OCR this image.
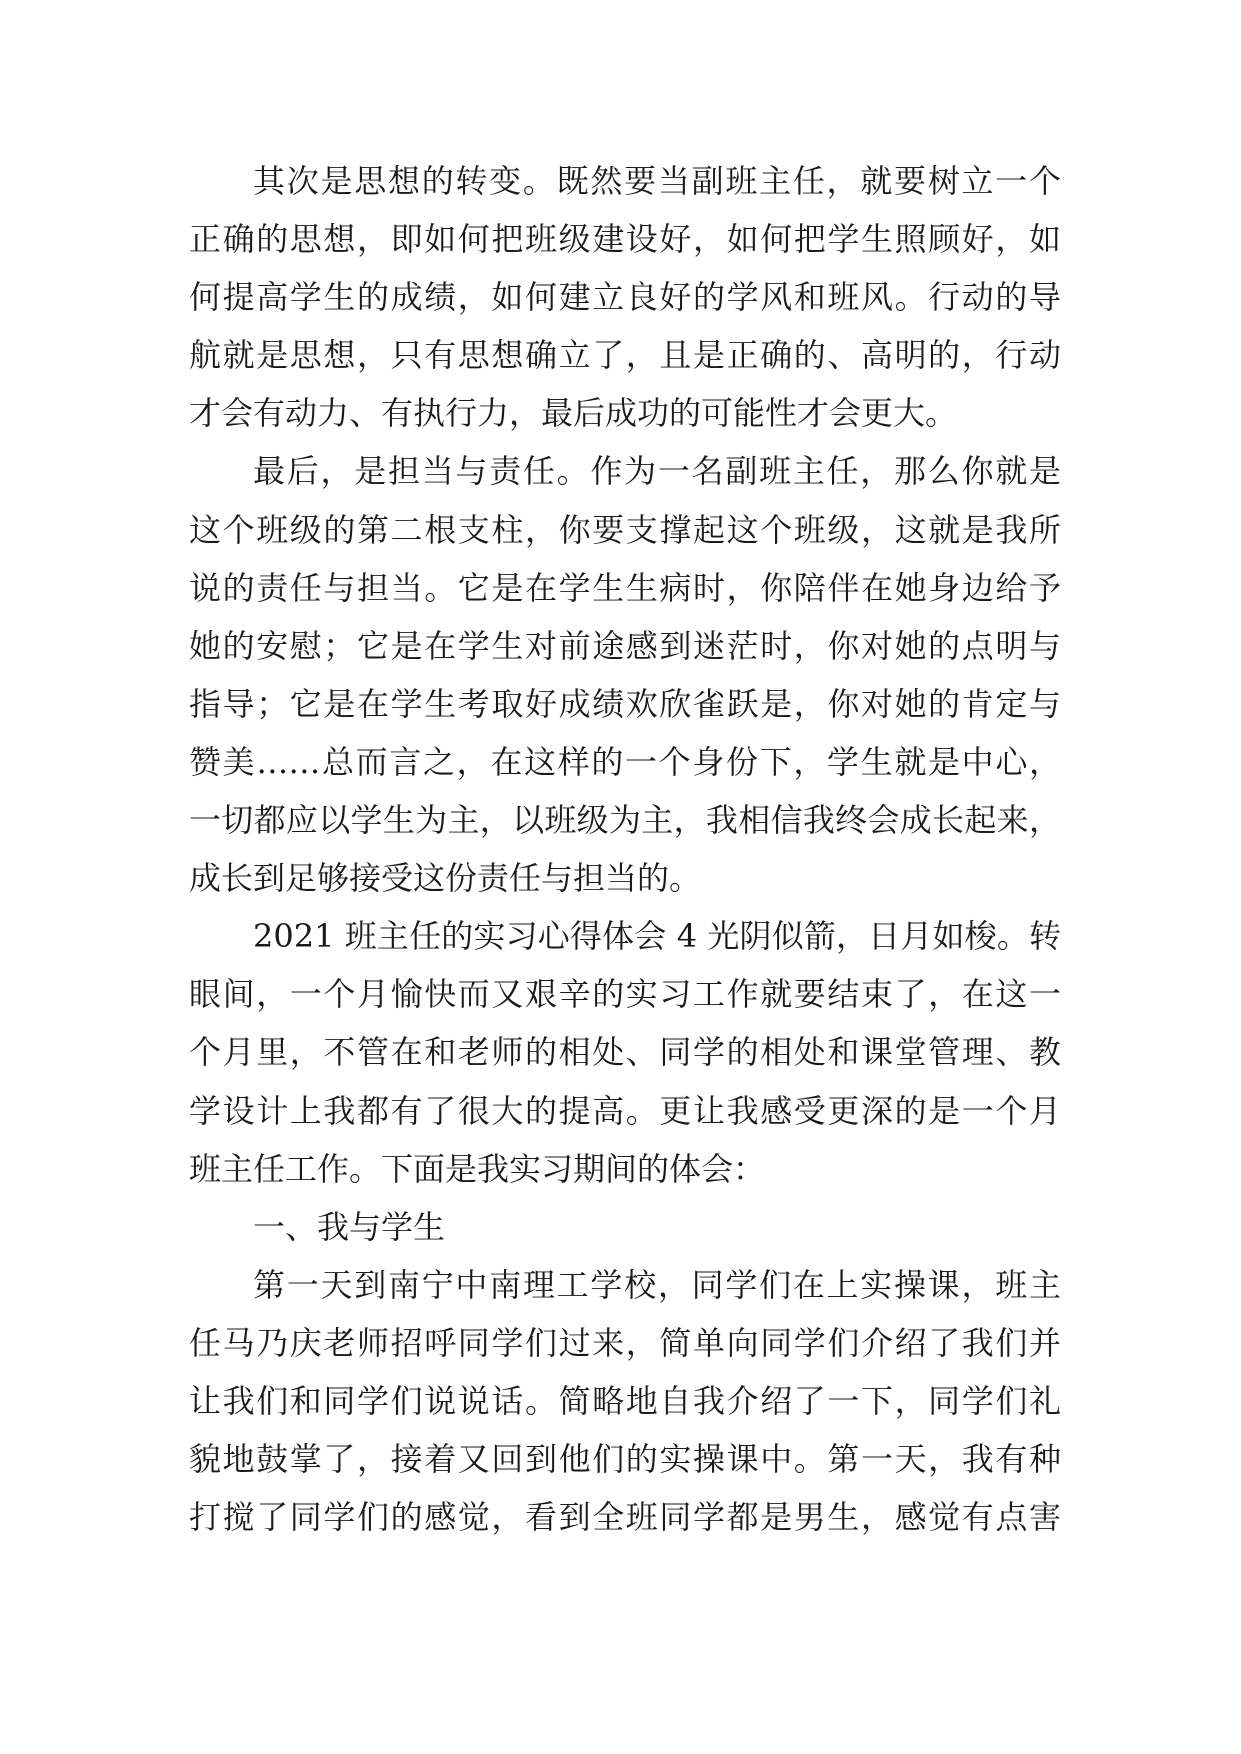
其次是思想的转变。既然要当副班主任，就要树立一个
正确的思想，即如何把班级建设好，如何把学生照顾好，如
何提高学生的成绩，如何建立良好的学风和班风。行动的导
航就是思想，只有思想确立了，且是正确的、高明的，行动
才会有动力、有执行力，最后成功的可能性才会更大。
最后，是担当与责任。作为一名副班主任，那么你就是
这个班级的第二根支柱，你要支撑起这个班级，这就是我所
说的责任与担当。它是在学生生病时，你陪伴在她身边给予
她的安慰；它是在学生对前途感到迷茫时，你对她的点明与
指导；它是在学生考取好成绩欢欣雀跃是，你对她的肯定与
赞美……总而言之，在这样的一个身份下，学生就是中心，
一切都应以学生为主，以班级为主，我相信我终会成长起来，
成长到足够接受这份责任与担当的。
2021 班主任的实习心得体会 4 光阴似箭，日月如梭。转
眼间，一个月愉快而又艰辛的实习工作就要结束了，在这一
个月里，不管在和老师的相处、同学的相处和课堂管理、教
学设计上我都有了很大的提高。更让我感受更深的是一个月
班主任工作。下面是我实习期间的体会：
一、我与学生
第一天到南宁中南理工学校，同学们在上实操课，班主
任马乃庆老师招呼同学们过来，简单向同学们介绍了我们并
让我们和同学们说说话。简略地自我介绍了一下，同学们礼
貌地鼓掌了，接着又回到他们的实操课中。第一天，我有种
打搅了同学们的感觉，看到全班同学都是男生，感觉有点害
